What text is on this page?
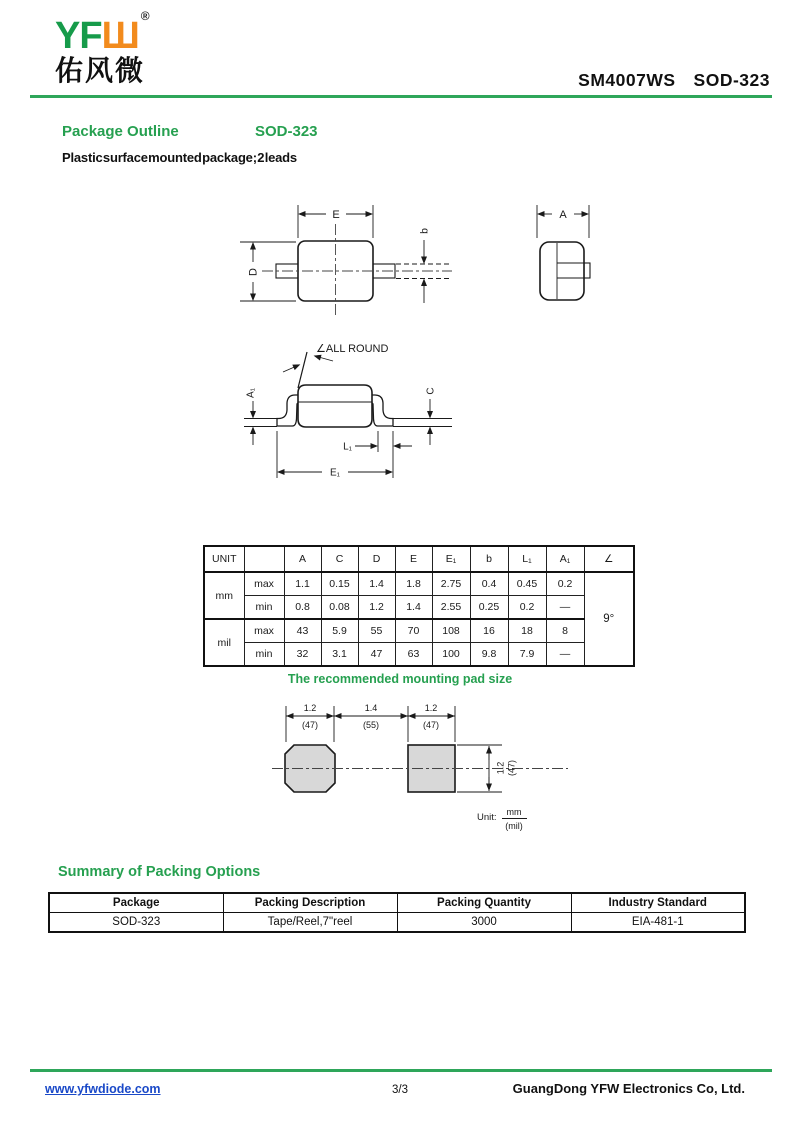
YFШ ®
佑风微	SM4007WS SOD-323
Package Outline	SOD-323
Plastic surface mounted package; 2 leads
E
D
b
A
∠ALL ROUND
A₁	C
L₁
E₁
UNIT		A	C	D	E	E₁	b	L₁	A₁	∠
mm	max	1.1	0.15	1.4	1.8	2.75	0.4	0.45	0.2	9°
	min	0.8	0.08	1.2	1.4	2.55	0.25	0.2	—	
mil	max	43	5.9	55	70	108	16	18	8	
	min	32	3.1	47	63	100	9.8	7.9	—	
The recommended mounting pad size
1.2
(47)
1.4
(55)
1.2
(47)
1.2 (47)
Unit: mm
(mil)
Summary of Packing Options
Package	Packing Description	Packing Quantity	Industry Standard
SOD-323	Tape/Reel,7"reel	3000	EIA-481-1
www.yfwdiode.com	3/3	GuangDong YFW Electronics Co, Ltd.
